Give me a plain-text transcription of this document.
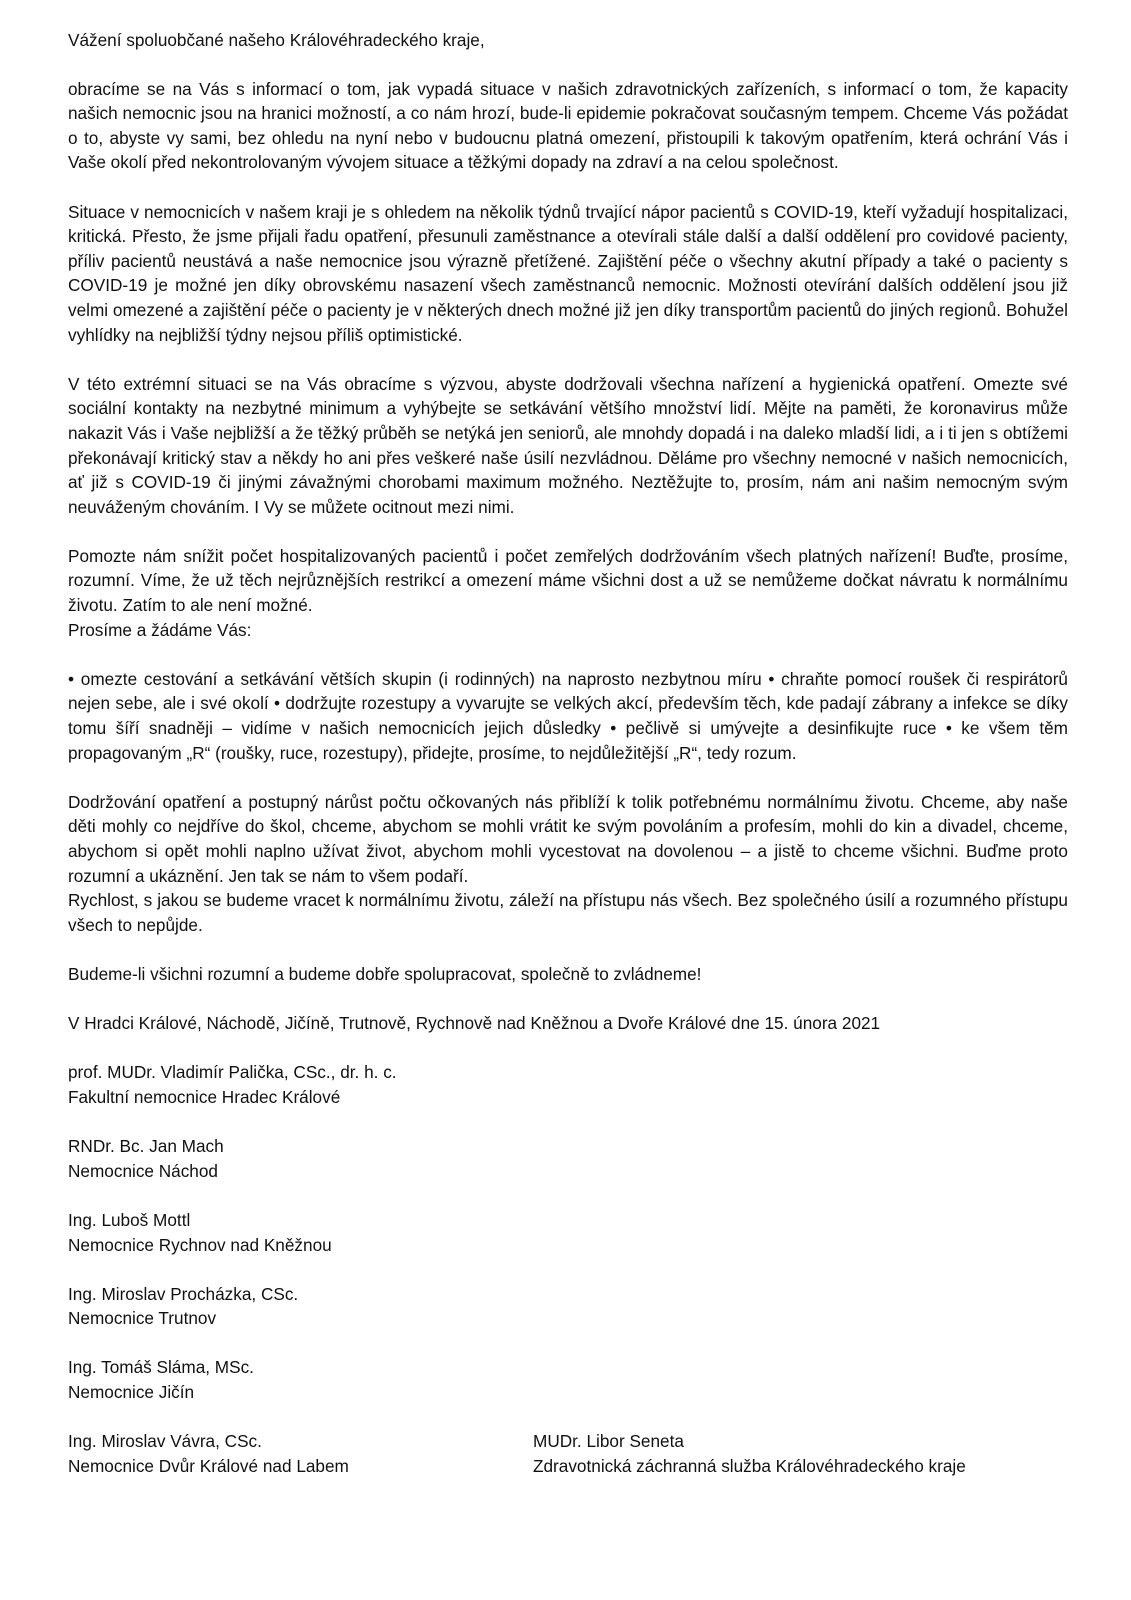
Vážení spoluobčané našeho Královéhradeckého kraje,

obracíme se na Vás s informací o tom, jak vypadá situace v našich zdravotnických zařízeních, s informací o tom, že kapacity našich nemocnic jsou na hranici možností, a co nám hrozí, bude-li epidemie pokračovat současným tempem. Chceme Vás požádat o to, abyste vy sami, bez ohledu na nyní nebo v budoucnu platná omezení, přistoupili k takovým opatřením, která ochrání Vás i Vaše okolí před nekontrolovaným vývojem situace a těžkými dopady na zdraví a na celou společnost.

Situace v nemocnicích v našem kraji je s ohledem na několik týdnů trvající nápor pacientů s COVID-19, kteří vyžadují hospitalizaci, kritická. Přesto, že jsme přijali řadu opatření, přesunuli zaměstnance a otevírali stále další a další oddělení pro covidové pacienty, příliv pacientů neustává a naše nemocnice jsou výrazně přetížené. Zajištění péče o všechny akutní případy a také o pacienty s COVID-19 je možné jen díky obrovskému nasazení všech zaměstnanců nemocnic. Možnosti otevírání dalších oddělení jsou již velmi omezené a zajištění péče o pacienty je v některých dnech možné již jen díky transportům pacientů do jiných regionů. Bohužel vyhlídky na nejbližší týdny nejsou příliš optimistické.

V této extrémní situaci se na Vás obracíme s výzvou, abyste dodržovali všechna nařízení a hygienická opatření. Omezte své sociální kontakty na nezbytné minimum a vyhýbejte se setkávání většího množství lidí. Mějte na paměti, že koronavirus může nakazit Vás i Vaše nejbližší a že těžký průběh se netýká jen seniorů, ale mnohdy dopadá i na daleko mladší lidi, a i ti jen s obtížemi překonávají kritický stav a někdy ho ani přes veškeré naše úsilí nezvládnou. Děláme pro všechny nemocné v našich nemocnicích, ať již s COVID-19 či jinými závažnými chorobami maximum možného. Neztěžujte to, prosím, nám ani našim nemocným svým neuváženým chováním. I Vy se můžete ocitnout mezi nimi.

Pomozte nám snížit počet hospitalizovaných pacientů i počet zemřelých dodržováním všech platných nařízení! Buďte, prosíme, rozumní. Víme, že už těch nejrůznějších restrikcí a omezení máme všichni dost a už se nemůžeme dočkat návratu k normálnímu životu. Zatím to ale není možné.

Prosíme a žádáme Vás:

• omezte cestování a setkávání větších skupin (i rodinných) na naprosto nezbytnou míru • chraňte pomocí roušek či respirátorů nejen sebe, ale i své okolí • dodržujte rozestupy a vyvarujte se velkých akcí, především těch, kde padají zábrany a infekce se díky tomu šíří snadněji – vidíme v našich nemocnicích jejich důsledky • pečlivě si umývejte a desinfikujte ruce • ke všem těm propagovaným „R“ (roušky, ruce, rozestupy), přidejte, prosíme, to nejdůležitější „R“, tedy rozum.

Dodržování opatření a postupný nárůst počtu očkovaných nás přiblíží k tolik potřebnému normálnímu životu. Chceme, aby naše děti mohly co nejdříve do škol, chceme, abychom se mohli vrátit ke svým povoláním a profesím, mohli do kin a divadel, chceme, abychom si opět mohli naplno užívat život, abychom mohli vycestovat na dovolenou – a jistě to chceme všichni. Buďme proto rozumní a ukáznění. Jen tak se nám to všem podaří.

Rychlost, s jakou se budeme vracet k normálnímu životu, záleží na přístupu nás všech. Bez společného úsilí a rozumného přístupu všech to nepůjde.

Budeme-li všichni rozumní a budeme dobře spolupracovat, společně to zvládneme!

V Hradci Králové, Náchodě, Jičíně, Trutnově, Rychnově nad Kněžnou a Dvoře Králové dne 15. února 2021

prof. MUDr. Vladimír Palička, CSc., dr. h. c.
Fakultní nemocnice Hradec Králové
RNDr. Bc. Jan Mach
Nemocnice Náchod
Ing. Luboš Mottl
Nemocnice Rychnov nad Kněžnou
Ing. Miroslav Procházka, CSc.
Nemocnice Trutnov
Ing. Tomáš Sláma, MSc.
Nemocnice Jičín
Ing. Miroslav Vávra, CSc.
Nemocnice Dvůr Králové nad Labem
MUDr. Libor Seneta
Zdravotnická záchranná služba Královéhradeckého kraje
